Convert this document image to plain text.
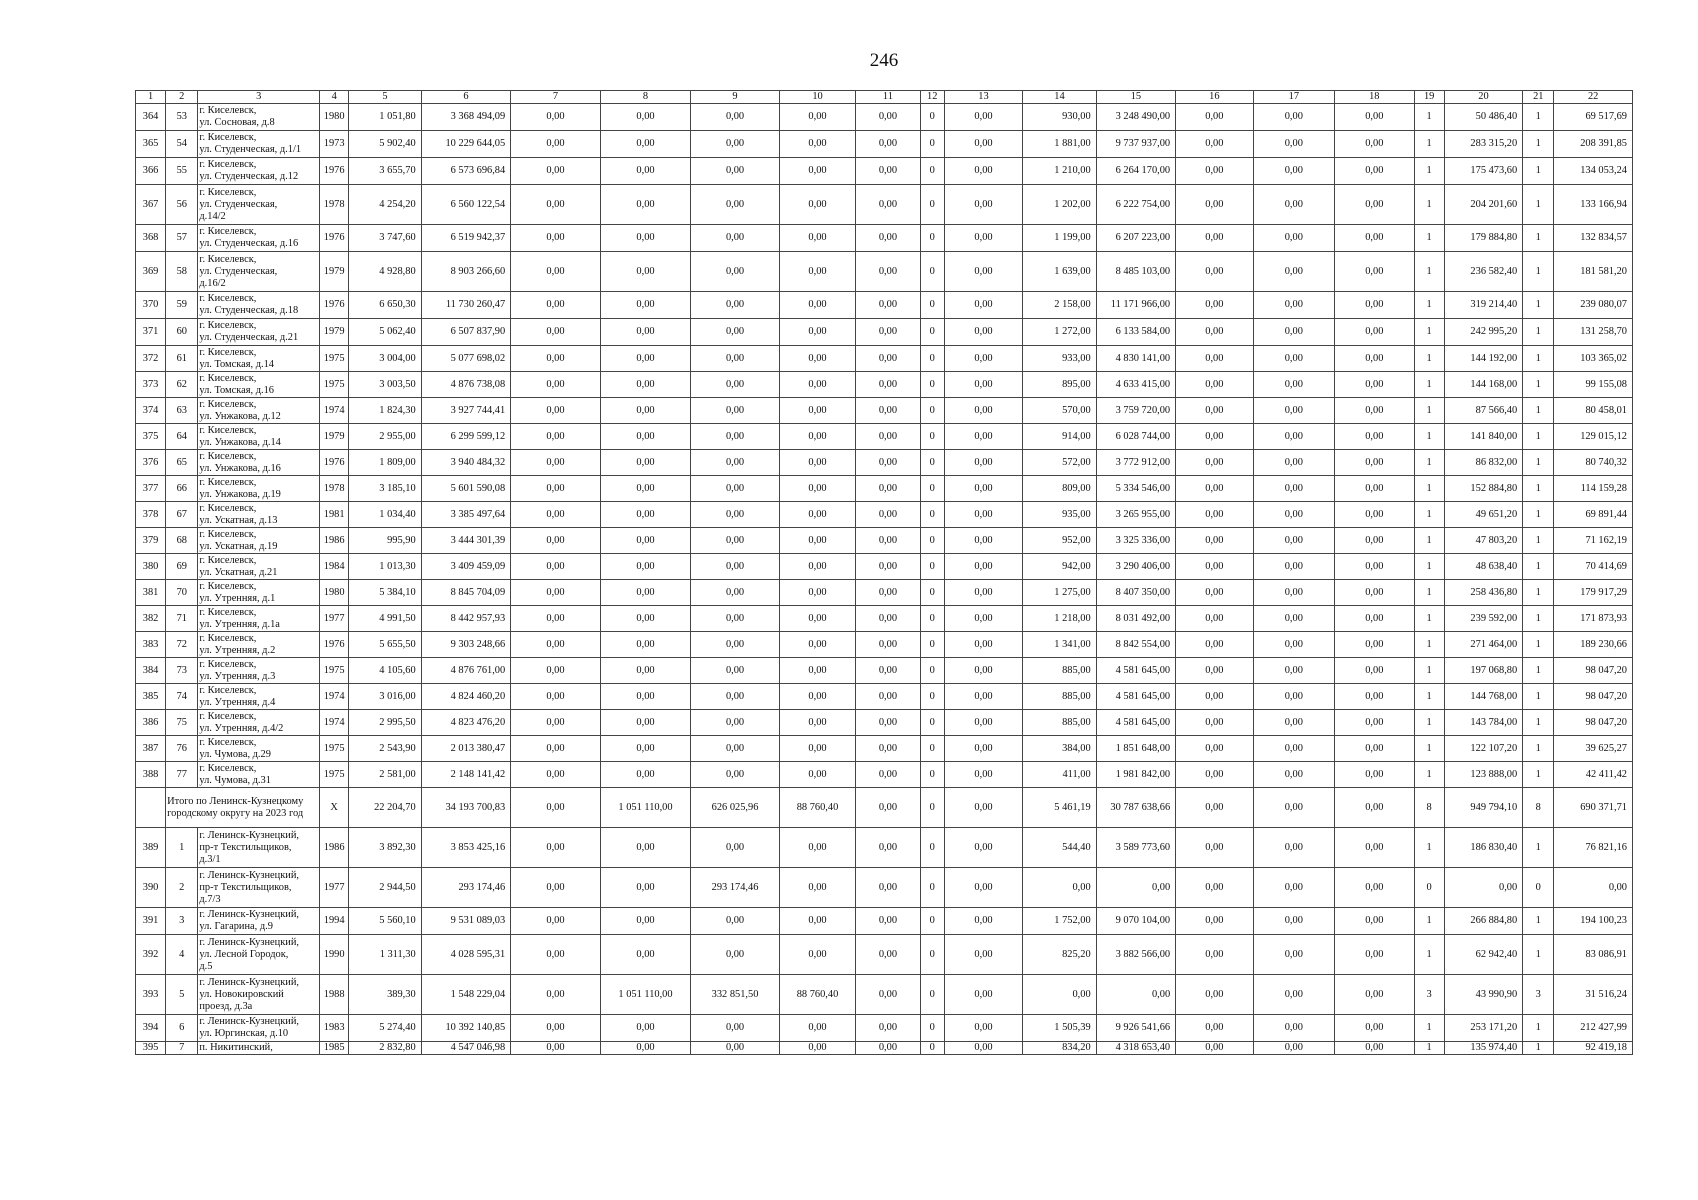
246
1	2	3	4	5	6	7	8	9	10	11	12	13	14	15	16	17	18	19	20	21	22
364	53	г. Киселевск,
ул. Сосновая, д.8	1980	1 051,80	3 368 494,09	0,00	0,00	0,00	0,00	0,00	0	0,00	930,00	3 248 490,00	0,00	0,00	0,00	1	50 486,40	1	69 517,69
365	54	г. Киселевск,
ул. Студенческая, д.1/1	1973	5 902,40	10 229 644,05	0,00	0,00	0,00	0,00	0,00	0	0,00	1 881,00	9 737 937,00	0,00	0,00	0,00	1	283 315,20	1	208 391,85
366	55	г. Киселевск,
ул. Студенческая, д.12	1976	3 655,70	6 573 696,84	0,00	0,00	0,00	0,00	0,00	0	0,00	1 210,00	6 264 170,00	0,00	0,00	0,00	1	175 473,60	1	134 053,24
367	56	г. Киселевск,
ул. Студенческая,
д.14/2	1978	4 254,20	6 560 122,54	0,00	0,00	0,00	0,00	0,00	0	0,00	1 202,00	6 222 754,00	0,00	0,00	0,00	1	204 201,60	1	133 166,94
368	57	г. Киселевск,
ул. Студенческая, д.16	1976	3 747,60	6 519 942,37	0,00	0,00	0,00	0,00	0,00	0	0,00	1 199,00	6 207 223,00	0,00	0,00	0,00	1	179 884,80	1	132 834,57
369	58	г. Киселевск,
ул. Студенческая,
д.16/2	1979	4 928,80	8 903 266,60	0,00	0,00	0,00	0,00	0,00	0	0,00	1 639,00	8 485 103,00	0,00	0,00	0,00	1	236 582,40	1	181 581,20
370	59	г. Киселевск,
ул. Студенческая, д.18	1976	6 650,30	11 730 260,47	0,00	0,00	0,00	0,00	0,00	0	0,00	2 158,00	11 171 966,00	0,00	0,00	0,00	1	319 214,40	1	239 080,07
371	60	г. Киселевск,
ул. Студенческая, д.21	1979	5 062,40	6 507 837,90	0,00	0,00	0,00	0,00	0,00	0	0,00	1 272,00	6 133 584,00	0,00	0,00	0,00	1	242 995,20	1	131 258,70
372	61	г. Киселевск,
ул. Томская, д.14	1975	3 004,00	5 077 698,02	0,00	0,00	0,00	0,00	0,00	0	0,00	933,00	4 830 141,00	0,00	0,00	0,00	1	144 192,00	1	103 365,02
373	62	г. Киселевск,
ул. Томская, д.16	1975	3 003,50	4 876 738,08	0,00	0,00	0,00	0,00	0,00	0	0,00	895,00	4 633 415,00	0,00	0,00	0,00	1	144 168,00	1	99 155,08
374	63	г. Киселевск,
ул. Унжакова, д.12	1974	1 824,30	3 927 744,41	0,00	0,00	0,00	0,00	0,00	0	0,00	570,00	3 759 720,00	0,00	0,00	0,00	1	87 566,40	1	80 458,01
375	64	г. Киселевск,
ул. Унжакова, д.14	1979	2 955,00	6 299 599,12	0,00	0,00	0,00	0,00	0,00	0	0,00	914,00	6 028 744,00	0,00	0,00	0,00	1	141 840,00	1	129 015,12
376	65	г. Киселевск,
ул. Унжакова, д.16	1976	1 809,00	3 940 484,32	0,00	0,00	0,00	0,00	0,00	0	0,00	572,00	3 772 912,00	0,00	0,00	0,00	1	86 832,00	1	80 740,32
377	66	г. Киселевск,
ул. Унжакова, д.19	1978	3 185,10	5 601 590,08	0,00	0,00	0,00	0,00	0,00	0	0,00	809,00	5 334 546,00	0,00	0,00	0,00	1	152 884,80	1	114 159,28
378	67	г. Киселевск,
ул. Ускатная, д.13	1981	1 034,40	3 385 497,64	0,00	0,00	0,00	0,00	0,00	0	0,00	935,00	3 265 955,00	0,00	0,00	0,00	1	49 651,20	1	69 891,44
379	68	г. Киселевск,
ул. Ускатная, д.19	1986	995,90	3 444 301,39	0,00	0,00	0,00	0,00	0,00	0	0,00	952,00	3 325 336,00	0,00	0,00	0,00	1	47 803,20	1	71 162,19
380	69	г. Киселевск,
ул. Ускатная, д.21	1984	1 013,30	3 409 459,09	0,00	0,00	0,00	0,00	0,00	0	0,00	942,00	3 290 406,00	0,00	0,00	0,00	1	48 638,40	1	70 414,69
381	70	г. Киселевск,
ул. Утренняя, д.1	1980	5 384,10	8 845 704,09	0,00	0,00	0,00	0,00	0,00	0	0,00	1 275,00	8 407 350,00	0,00	0,00	0,00	1	258 436,80	1	179 917,29
382	71	г. Киселевск,
ул. Утренняя, д.1а	1977	4 991,50	8 442 957,93	0,00	0,00	0,00	0,00	0,00	0	0,00	1 218,00	8 031 492,00	0,00	0,00	0,00	1	239 592,00	1	171 873,93
383	72	г. Киселевск,
ул. Утренняя, д.2	1976	5 655,50	9 303 248,66	0,00	0,00	0,00	0,00	0,00	0	0,00	1 341,00	8 842 554,00	0,00	0,00	0,00	1	271 464,00	1	189 230,66
384	73	г. Киселевск,
ул. Утренняя, д.3	1975	4 105,60	4 876 761,00	0,00	0,00	0,00	0,00	0,00	0	0,00	885,00	4 581 645,00	0,00	0,00	0,00	1	197 068,80	1	98 047,20
385	74	г. Киселевск,
ул. Утренняя, д.4	1974	3 016,00	4 824 460,20	0,00	0,00	0,00	0,00	0,00	0	0,00	885,00	4 581 645,00	0,00	0,00	0,00	1	144 768,00	1	98 047,20
386	75	г. Киселевск,
ул. Утренняя, д.4/2	1974	2 995,50	4 823 476,20	0,00	0,00	0,00	0,00	0,00	0	0,00	885,00	4 581 645,00	0,00	0,00	0,00	1	143 784,00	1	98 047,20
387	76	г. Киселевск,
ул. Чумова, д.29	1975	2 543,90	2 013 380,47	0,00	0,00	0,00	0,00	0,00	0	0,00	384,00	1 851 648,00	0,00	0,00	0,00	1	122 107,20	1	39 625,27
388	77	г. Киселевск,
ул. Чумова, д.31	1975	2 581,00	2 148 141,42	0,00	0,00	0,00	0,00	0,00	0	0,00	411,00	1 981 842,00	0,00	0,00	0,00	1	123 888,00	1	42 411,42
	Итого по Ленинск-Кузнецкому городскому округу на 2023 год		X	22 204,70	34 193 700,83	0,00	1 051 110,00	626 025,96	88 760,40	0,00	0	0,00	5 461,19	30 787 638,66	0,00	0,00	0,00	8	949 794,10	8	690 371,71
389	1	г. Ленинск-Кузнецкий,
пр-т Текстильщиков,
д.3/1	1986	3 892,30	3 853 425,16	0,00	0,00	0,00	0,00	0,00	0	0,00	544,40	3 589 773,60	0,00	0,00	0,00	1	186 830,40	1	76 821,16
390	2	г. Ленинск-Кузнецкий,
пр-т Текстильщиков,
д.7/3	1977	2 944,50	293 174,46	0,00	0,00	293 174,46	0,00	0,00	0	0,00	0,00	0,00	0,00	0,00	0,00	0	0,00	0	0,00
391	3	г. Ленинск-Кузнецкий,
ул. Гагарина, д.9	1994	5 560,10	9 531 089,03	0,00	0,00	0,00	0,00	0,00	0	0,00	1 752,00	9 070 104,00	0,00	0,00	0,00	1	266 884,80	1	194 100,23
392	4	г. Ленинск-Кузнецкий,
ул. Лесной Городок,
д.5	1990	1 311,30	4 028 595,31	0,00	0,00	0,00	0,00	0,00	0	0,00	825,20	3 882 566,00	0,00	0,00	0,00	1	62 942,40	1	83 086,91
393	5	г. Ленинск-Кузнецкий,
ул. Новокировский
проезд, д.3а	1988	389,30	1 548 229,04	0,00	1 051 110,00	332 851,50	88 760,40	0,00	0	0,00	0,00	0,00	0,00	0,00	0,00	3	43 990,90	3	31 516,24
394	6	г. Ленинск-Кузнецкий,
ул. Юргинская, д.10	1983	5 274,40	10 392 140,85	0,00	0,00	0,00	0,00	0,00	0	0,00	1 505,39	9 926 541,66	0,00	0,00	0,00	1	253 171,20	1	212 427,99
395	7	п. Никитинский,	1985	2 832,80	4 547 046,98	0,00	0,00	0,00	0,00	0,00	0	0,00	834,20	4 318 653,40	0,00	0,00	0,00	1	135 974,40	1	92 419,18
